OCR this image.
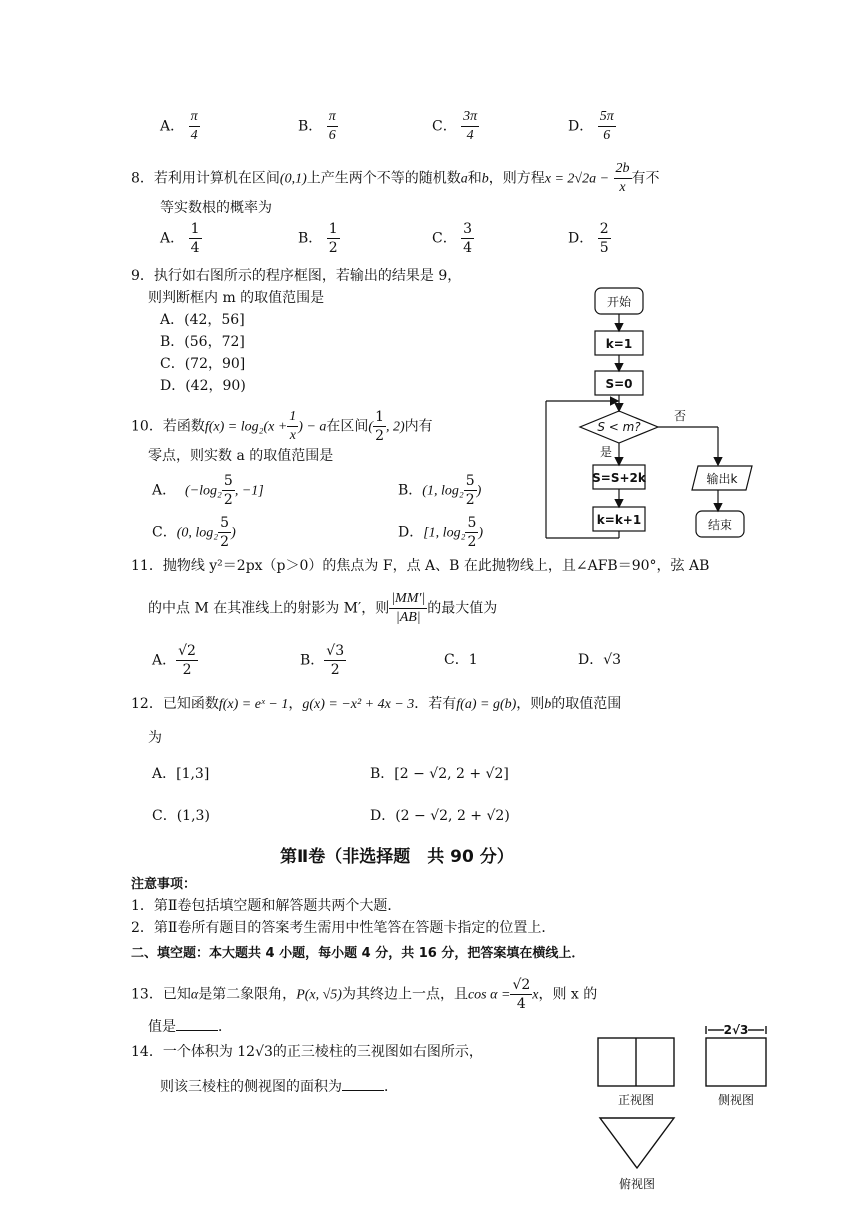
A． $\frac{\pi}{4}$	B． $\frac{\pi}{6}$	C． $\frac{3\pi}{4}$	D． $\frac{5\pi}{6}$
8．若利用计算机在区间(0,1)上产生两个不等的随机数a和b，则方程$x = 2√2a - \frac{2b}{x}$ 有不
等实数根的概率为
A． $\frac{1}{4}$	B． $\frac{1}{2}$	C． $\frac{3}{4}$	D． $\frac{2}{5}$
9．执行如右图所示的程序框图，若输出的结果是 9，
则判断框内 m 的取值范围是
A．(42，56]
B．(56，72]
C．(72，90]
D．(42，90)
开始
k=1
S=0
S < m?
否
是
S=S+2k
k=k+1
输出k
结束
10．若函数$f(x) = \log_2(x + \frac{1}{x}$ ) − a在区间( $\frac{1}{2}$ , 2)内有
零点，则实数 a 的取值范围是
A． ($-\log_2 \frac{5}{2}$ , −1]	B．(1, $\log_2 \frac{5}{2}$ )
C．(0, $\log_2 \frac{5}{2}$ )	D．[1, $\log_2 \frac{5}{2}$ )
11．抛物线 y²＝2px（p＞0）的焦点为 F，点 A、B 在此抛物线上，且∠AFB＝90°，弦 AB
的中点 M 在其准线上的射影为 M′，则 $\frac{|MM'|}{|AB|}$ 的最大值为
A． $\frac{√2}{2}$	B． $\frac{√3}{2}$	C．1	D．√3
12．已知函数f(x) = eˣ − 1，g(x) = −x² + 4x − 3．若有f(a) = g(b)，则b的取值范围
为
A．[1,3]	B．[2 − √2, 2 + √2]
C．(1,3)	D．(2 − √2, 2 + √2)
第Ⅱ卷（非选择题　共 90 分）
注意事项：
1．第Ⅱ卷包括填空题和解答题共两个大题．
2．第Ⅱ卷所有题目的答案考生需用中性笔答在答题卡指定的位置上．
二、填空题：本大题共 4 小题，每小题 4 分，共 16 分，把答案填在横线上．
13．已知α是第二象限角，P(x, √5)为其终边上一点，且$\cos \alpha = \frac{√2}{4}$ x，则 x 的
值是	．
14．一个体积为 12√3的正三棱柱的三视图如右图所示，
则该三棱柱的侧视图的面积为	．
2√3
正视图	侧视图
俯视图
